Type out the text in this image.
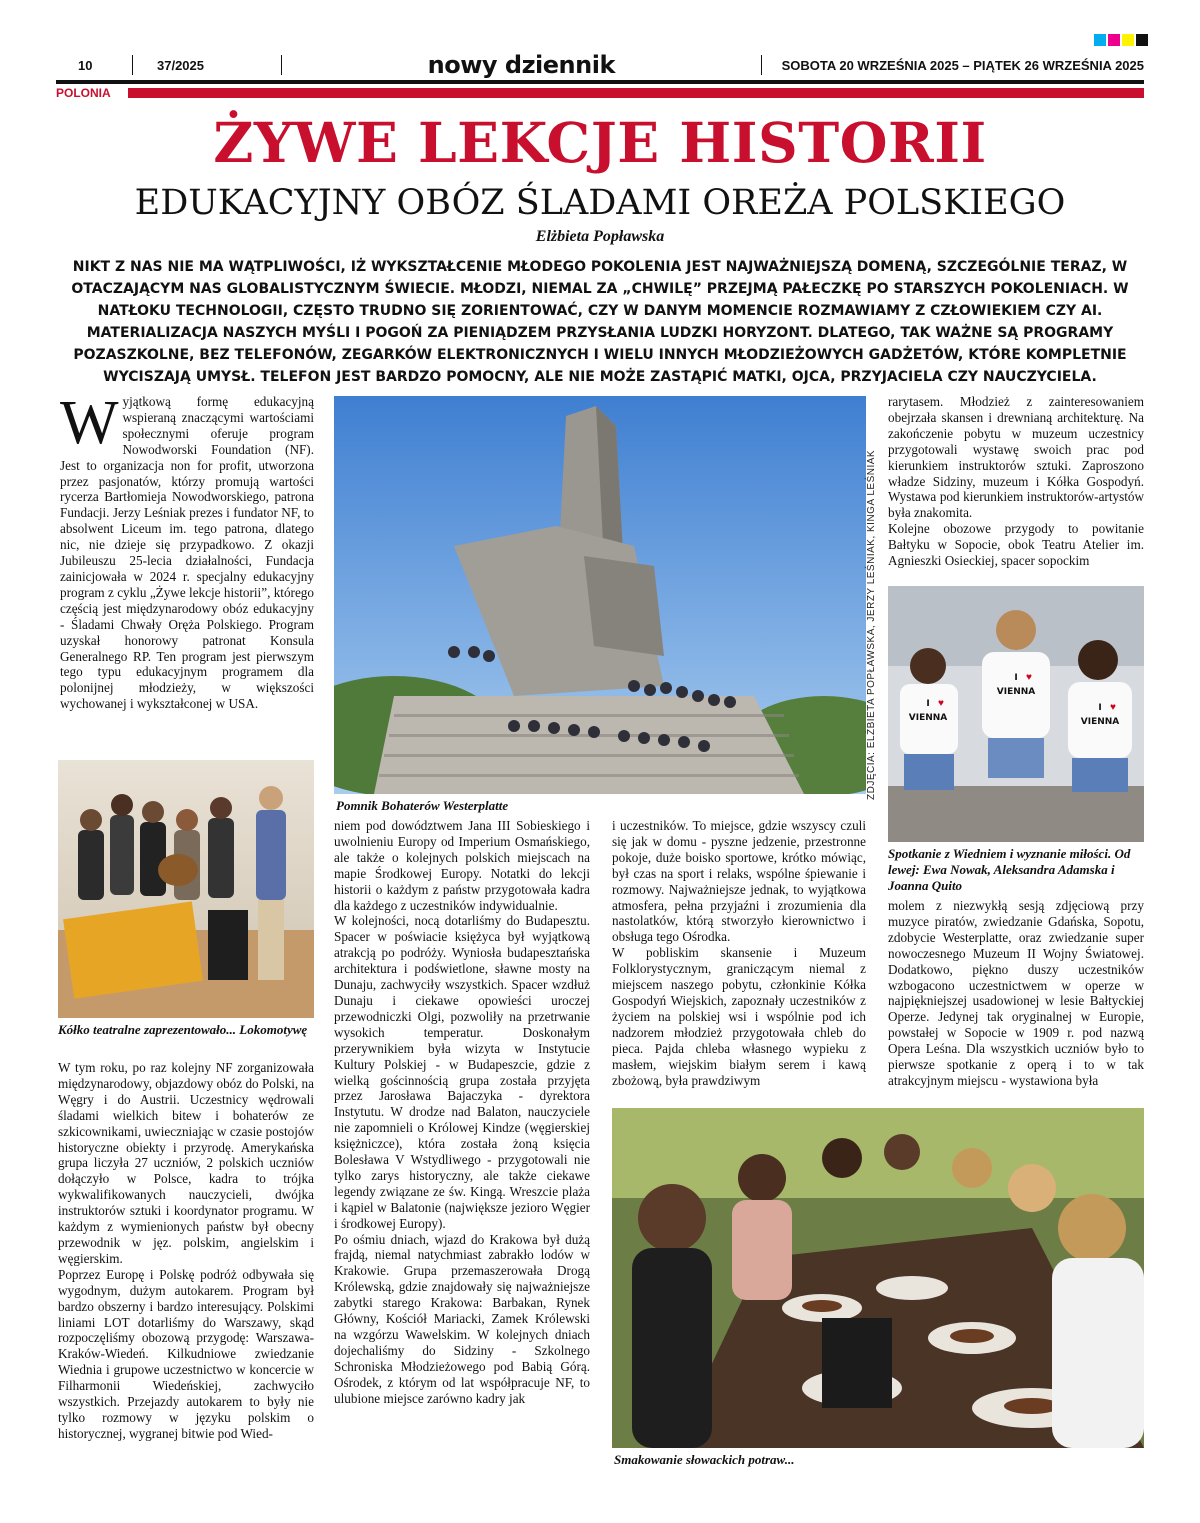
10	37/2025	nowy dziennik	SOBOTA 20 WRZEŚNIA 2025 – PIĄTEK 26 WRZEŚNIA 2025
POLONIA
ŻYWE LEKCJE HISTORII
EDUKACYJNY OBÓZ ŚLADAMI OREŻA POLSKIEGO
Elżbieta Popławska
NIKT Z NAS NIE MA WĄTPLIWOŚCI, IŻ WYKSZTAŁCENIE MŁODEGO POKOLENIA JEST NAJWAŻNIEJSZĄ DOMENĄ, SZCZEGÓLNIE TERAZ, W OTACZAJĄCYM NAS GLOBALISTYCZNYM ŚWIECIE. MŁODZI, NIEMAL ZA „CHWILĘ” PRZEJMĄ PAŁECZKĘ PO STARSZYCH POKOLENIACH. W NATŁOKU TECHNOLOGII, CZĘSTO TRUDNO SIĘ ZORIENTOWAĆ, CZY W DANYM MOMENCIE ROZMAWIAMY Z CZŁOWIEKIEM CZY AI. MATERIALIZACJA NASZYCH MYŚLI I POGOŃ ZA PIENIĄDZEM PRZYSŁANIA LUDZKI HORYZONT. DLATEGO, TAK WAŻNE SĄ PROGRAMY POZASZKOLNE, BEZ TELEFONÓW, ZEGARKÓW ELEKTRONICZNYCH I WIELU INNYCH MŁODZIEŻOWYCH GADŻETÓW, KTÓRE KOMPLETNIE WYCISZAJĄ UMYSŁ. TELEFON JEST BARDZO POMOCNY, ALE NIE MOŻE ZASTĄPIĆ MATKI, OJCA, PRZYJACIELA CZY NAUCZYCIELA.
W yjątkową formę edukacyjną wspieraną znaczącymi wartościami społecznymi oferuje program Nowodworski Foundation (NF). Jest to organizacja non for profit, utworzona przez pasjonatów, którzy promują wartości rycerza Bartłomieja Nowodworskiego, patrona Fundacji. Jerzy Leśniak prezes i fundator NF, to absolwent Liceum im. tego patrona, dlatego nic, nie dzieje się przypadkowo. Z okazji Jubileuszu 25-lecia działalności, Fundacja zainicjowała w 2024 r. specjalny edukacyjny program z cyklu „Żywe lekcje historii”, którego częścią jest międzynarodowy obóz edukacyjny - Śladami Chwały Oręża Polskiego. Program uzyskał honorowy patronat Konsula Generalnego RP. Ten program jest pierwszym tego typu edukacyjnym programem dla polonijnej młodzieży, w większości wychowanej i wykształconej w USA.

Kółko teatralne zaprezentowało... Lokomotywę

W tym roku, po raz kolejny NF zorganizowała międzynarodowy, objazdowy obóz do Polski, na Węgry i do Austrii. Uczestnicy wędrowali śladami wielkich bitew i bohaterów ze szkicownikami, uwieczniając w czasie postojów historyczne obiekty i przyrodę. Amerykańska grupa liczyła 27 uczniów, 2 polskich uczniów dołączyło w Polsce, kadra to trójka wykwalifikowanych nauczycieli, dwójka instruktorów sztuki i koordynator programu. W każdym z wymienionych państw był obecny przewodnik w jęz. polskim, angielskim i węgierskim.

Poprzez Europę i Polskę podróż odbywała się wygodnym, dużym autokarem. Program był bardzo obszerny i bardzo interesujący. Polskimi liniami LOT dotarliśmy do Warszawy, skąd rozpoczęliśmy obozową przygodę: Warszawa-Kraków-Wiedeń. Kilkudniowe zwiedzanie Wiednia i grupowe uczestnictwo w koncercie w Filharmonii Wiedeńskiej, zachwyciło wszystkich. Przejazdy autokarem to były nie tylko rozmowy w języku polskim o historycznej, wygranej bitwie pod Wied-

Pomnik Bohaterów Westerplatte
ZDJĘCIA: ELŻBIETA POPŁAWSKA, JERZY LEŚNIAK, KINGA LEŚNIAK

niem pod dowództwem Jana III Sobieskiego i uwolnieniu Europy od Imperium Osmańskiego, ale także o kolejnych polskich miejscach na mapie Środkowej Europy. Notatki do lekcji historii o każdym z państw przygotowała kadra dla każdego z uczestników indywidualnie.

W kolejności, nocą dotarliśmy do Budapesztu. Spacer w poświacie księżyca był wyjątkową atrakcją po podróży. Wyniosła budapesztańska architektura i podświetlone, sławne mosty na Dunaju, zachwyciły wszystkich. Spacer wzdłuż Dunaju i ciekawe opowieści uroczej przewodniczki Olgi, pozwoliły na przetrwanie wysokich temperatur. Doskonałym przerywnikiem była wizyta w Instytucie Kultury Polskiej - w Budapeszcie, gdzie z wielką gościnnością grupa została przyjęta przez Jarosława Bajaczyka - dyrektora Instytutu. W drodze nad Balaton, nauczyciele nie zapomnieli o Królowej Kindze (węgierskiej księżniczce), która została żoną księcia Bolesława V Wstydliwego - przygotowali nie tylko zarys historyczny, ale także ciekawe legendy związane ze św. Kingą. Wreszcie plaża i kąpiel w Balatonie (największe jezioro Węgier i środkowej Europy).

Po ośmiu dniach, wjazd do Krakowa był dużą frajdą, niemal natychmiast zabrakło lodów w Krakowie. Grupa przemaszerowała Drogą Królewską, gdzie znajdowały się najważniejsze zabytki starego Krakowa: Barbakan, Rynek Główny, Kościół Mariacki, Zamek Królewski na wzgórzu Wawelskim. W kolejnych dniach dojechaliśmy do Sidziny - Szkolnego Schroniska Młodzieżowego pod Babią Górą. Ośrodek, z którym od lat współpracuje NF, to ulubione miejsce zarówno kadry jak

i uczestników. To miejsce, gdzie wszyscy czuli się jak w domu - pyszne jedzenie, przestronne pokoje, duże boisko sportowe, krótko mówiąc, był czas na sport i relaks, wspólne śpiewanie i rozmowy. Najważniejsze jednak, to wyjątkowa atmosfera, pełna przyjaźni i zrozumienia dla nastolatków, którą stworzyło kierownictwo i obsługa tego Ośrodka.

W pobliskim skansenie i Muzeum Folklorystycznym, graniczącym niemal z miejscem naszego pobytu, członkinie Kółka Gospodyń Wiejskich, zapoznały uczestników z życiem na polskiej wsi i wspólnie pod ich nadzorem młodzież przygotowała chleb do pieca. Pajda chleba własnego wypieku z masłem, wiejskim białym serem i kawą zbożową, była prawdziwym

Smakowanie słowackich potraw...

rarytasem. Młodzież z zainteresowaniem obejrzała skansen i drewnianą architekturę. Na zakończenie pobytu w muzeum uczestnicy przygotowali wystawę swoich prac pod kierunkiem instruktorów sztuki. Zaproszono władze Sidziny, muzeum i Kółka Gospodyń. Wystawa pod kierunkiem instruktorów-artystów była znakomita.

Kolejne obozowe przygody to powitanie Bałtyku w Sopocie, obok Teatru Atelier im. Agnieszki Osieckiej, spacer sopockim

I
VIENNA
I
VIENNA
I
VIENNA
♥
♥
♥
Spotkanie z Wiedniem i wyznanie miłości. Od lewej: Ewa Nowak, Aleksandra Adamska i Joanna Quito

molem z niezwykłą sesją zdjęciową przy muzyce piratów, zwiedzanie Gdańska, Sopotu, zdobycie Westerplatte, oraz zwiedzanie super nowoczesnego Muzeum II Wojny Światowej. Dodatkowo, piękno duszy uczestników wzbogacono uczestnictwem w operze w najpiękniejszej usadowionej w lesie Bałtyckiej Operze. Jedynej tak oryginalnej w Europie, powstałej w Sopocie w 1909 r. pod nazwą Opera Leśna. Dla wszystkich uczniów było to pierwsze spotkanie z operą i to w tak atrakcyjnym miejscu - wystawiona była
